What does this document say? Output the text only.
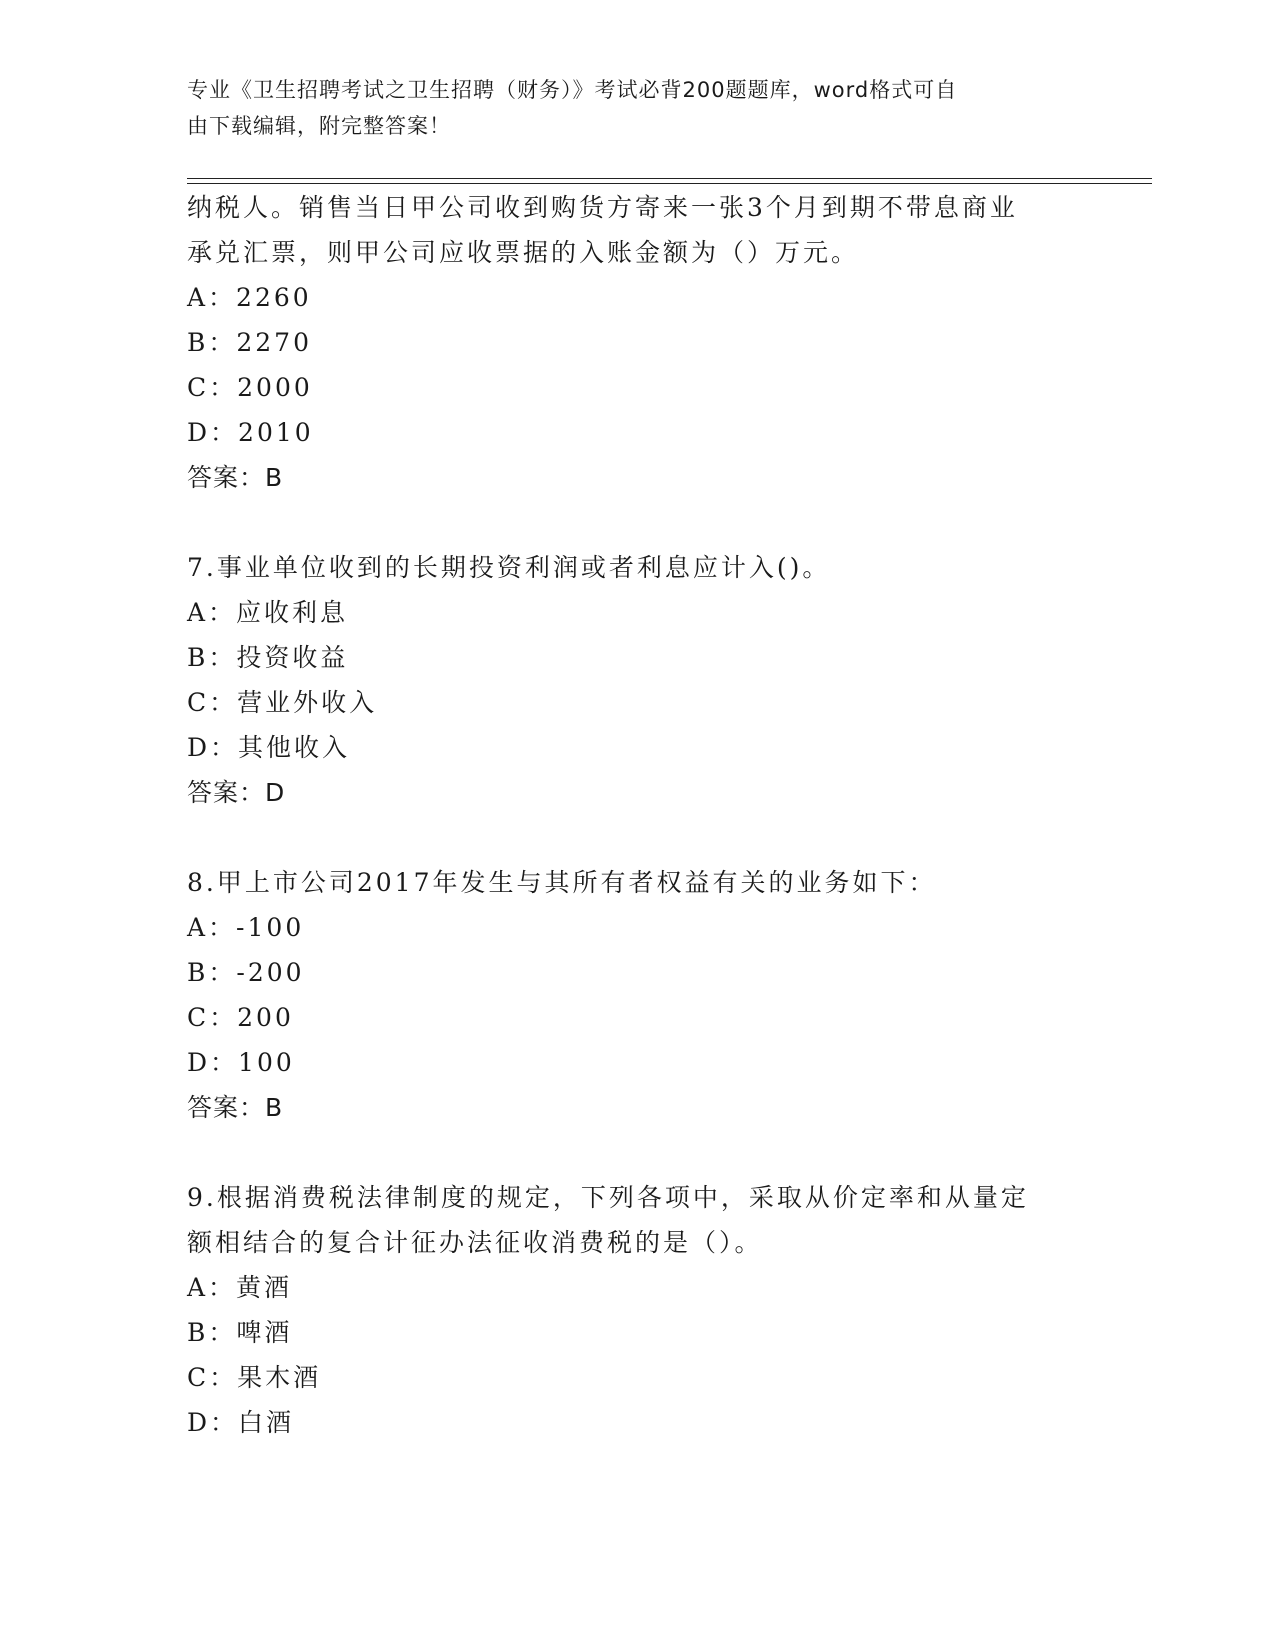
专业《卫生招聘考试之卫生招聘（财务）》考试必背200题题库，word格式可自
由下载编辑，附完整答案！
纳税人。销售当日甲公司收到购货方寄来一张3个月到期不带息商业
承兑汇票，则甲公司应收票据的入账金额为（）万元。
A：2260
B：2270
C：2000
D：2010
答案：B
7.事业单位收到的长期投资利润或者利息应计入()。
A：应收利息
B：投资收益
C：营业外收入
D：其他收入
答案：D
8.甲上市公司2017年发生与其所有者权益有关的业务如下：
A：-100
B：-200
C：200
D：100
答案：B
9.根据消费税法律制度的规定，下列各项中，采取从价定率和从量定
额相结合的复合计征办法征收消费税的是（）。
A：黄酒
B：啤酒
C：果木酒
D：白酒
